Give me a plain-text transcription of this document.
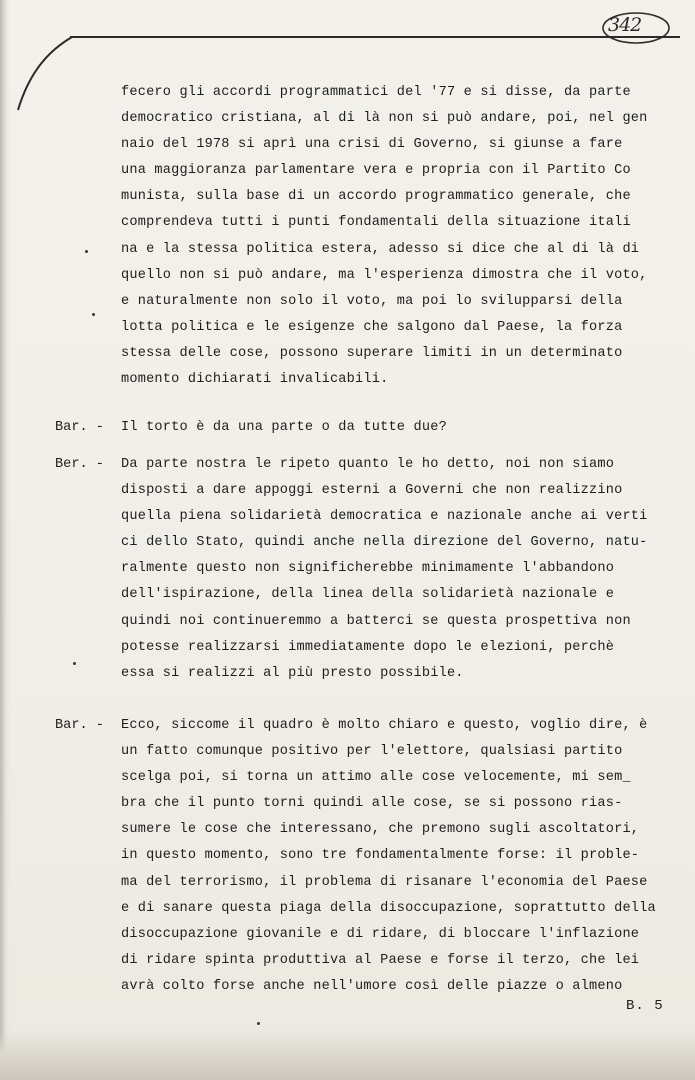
342
fecero gli accordi programmatici del '77 e si disse, da parte
democratico cristiana, al di là non si può andare, poi, nel gen
naio del 1978 si aprì una crisi di Governo, si giunse a fare
una maggioranza parlamentare vera e propria con il Partito Co
munista, sulla base di un accordo programmatico generale, che
comprendeva tutti i punti fondamentali della situazione itali
na e la stessa politica estera, adesso si dice che al di là di
quello non si può andare, ma l'esperienza dimostra che il voto,
e naturalmente non solo il voto, ma poi lo svilupparsi della
lotta politica e le esigenze che salgono dal Paese, la forza
stessa delle cose, possono superare limiti in un determinato
momento dichiarati invalicabili.
Bar. - Il torto è da una parte o da tutte due?
Ber. - Da parte nostra le ripeto quanto le ho detto, noi non siamo
disposti a dare appoggi esterni a Governi che non realizzino
quella piena solidarietà democratica e nazionale anche ai verti
ci dello Stato, quindi anche nella direzione del Governo, natu-
ralmente questo non significherebbe minimamente l'abbandono
dell'ispirazione, della linea della solidarietà nazionale e
quindi noi continueremmo a batterci se questa prospettiva non
potesse realizzarsi immediatamente dopo le elezioni, perchè
essa si realizzi al più presto possibile.
Bar. - Ecco, siccome il quadro è molto chiaro e questo, voglio dire, è
un fatto comunque positivo per l'elettore, qualsiasi partito
scelga poi, si torna un attimo alle cose velocemente, mi sem_
bra che il punto torni quindi alle cose, se si possono rias-
sumere le cose che interessano, che premono sugli ascoltatori,
in questo momento, sono tre fondamentalmente forse: il proble-
ma del terrorismo, il problema di risanare l'economia del Paese
e di sanare questa piaga della disoccupazione, soprattutto della
disoccupazione giovanile e di ridare, di bloccare l'inflazione
di ridare spinta produttiva al Paese e forse il terzo, che lei
avrà colto forse anche nell'umore così delle piazze o almeno
B. 5
